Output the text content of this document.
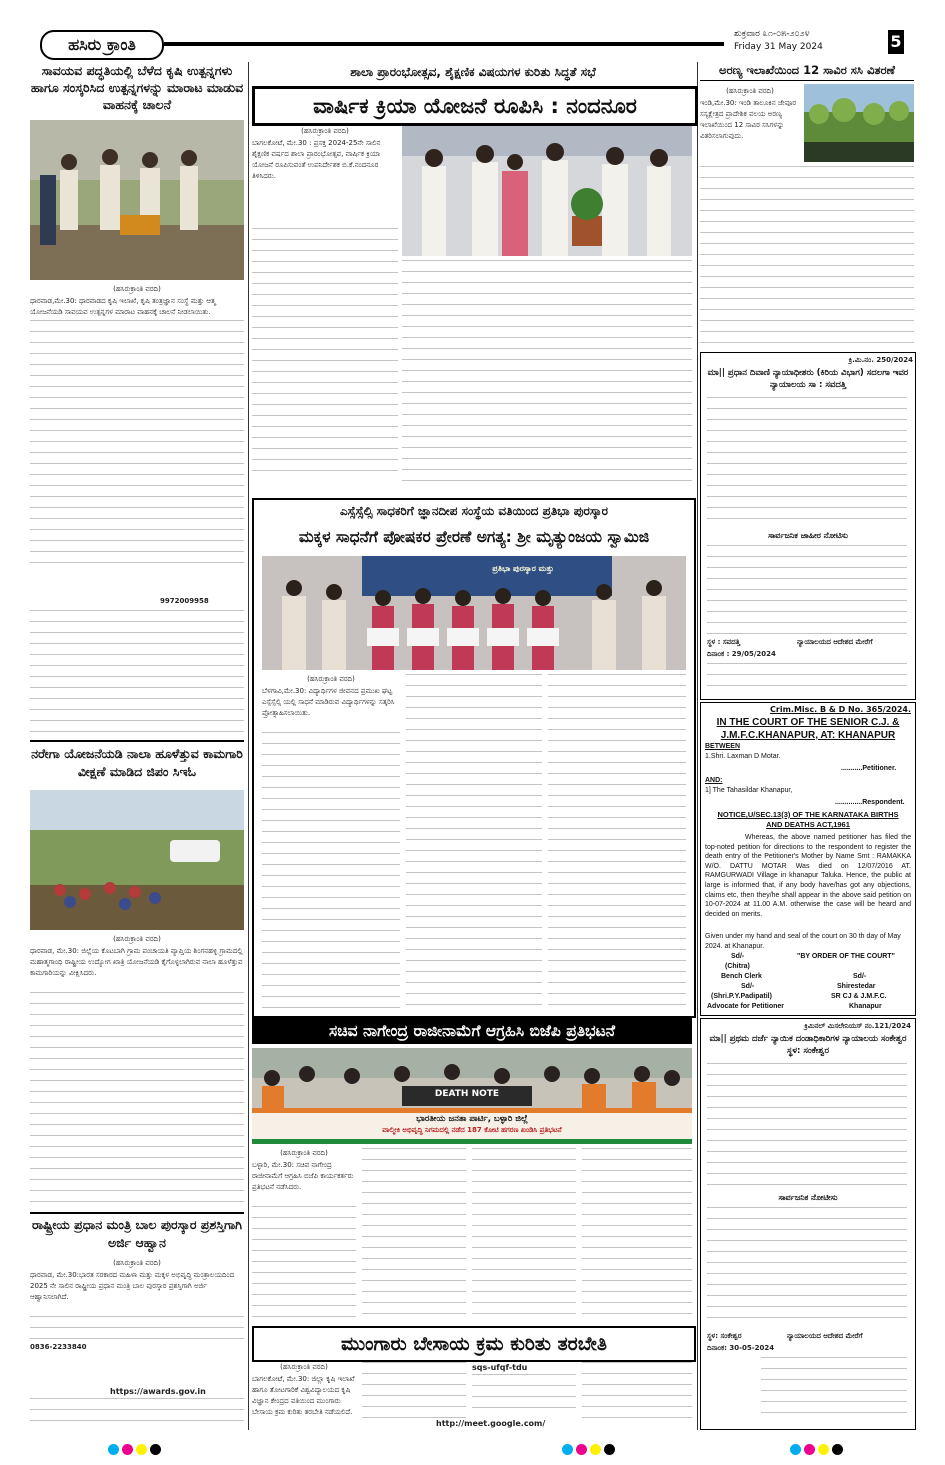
ಹಸಿರು ಕ್ರಾಂತಿ
ಶುಕ್ರವಾರ ೩೧-೦೫-೨೦೨೪
Friday 31 May 2024	5
ಸಾವಯವ ಪದ್ಧತಿಯಲ್ಲಿ ಬೆಳೆದ ಕೃಷಿ ಉತ್ಪನ್ನಗಳು ಹಾಗೂ ಸಂಸ್ಕರಿಸಿದ ಉತ್ಪನ್ನಗಳನ್ನು ಮಾರಾಟ ಮಾಡುವ ವಾಹನಕ್ಕೆ ಚಾಲನೆ
(ಹಸಿರುಕ್ರಾಂತಿ ವರದಿ)
ಧಾರವಾಡ,ಮೇ.30: ಧಾರವಾಡದ ಕೃಷಿ ಇಲಾಖೆ, ಕೃಷಿ ತಂತ್ರಜ್ಞಾನ ಸಂಸ್ಥೆ ಮತ್ತು ಆತ್ಮ ಯೋಜನೆಯಡಿ ಸಾವಯವ ಉತ್ಪನ್ನಗಳ ಮಾರಾಟ ವಾಹನಕ್ಕೆ ಚಾಲನೆ ನೀಡಲಾಯಿತು.
9972009958
ನರೇಗಾ ಯೋಜನೆಯಡಿ ನಾಲಾ ಹೂಳೆತ್ತುವ ಕಾಮಗಾರಿ ವೀಕ್ಷಣೆ ಮಾಡಿದ ಜಿಪಂ ಸಿಇಓ
(ಹಸಿರುಕ್ರಾಂತಿ ವರದಿ)
ಧಾರವಾಡ, ಮೇ.30: ಜಿಲ್ಲೆಯ ಕೊಟಬಾಗಿ ಗ್ರಾಮ ಪಂಚಾಯತಿ ವ್ಯಾಪ್ತಿಯ ಶಿಂಗನಹಳ್ಳಿ ಗ್ರಾಮದಲ್ಲಿ ಮಹಾತ್ಮಗಾಂಧಿ ರಾಷ್ಟ್ರೀಯ ಉದ್ಯೋಗ ಖಾತ್ರಿ ಯೋಜನೆಯಡಿ ಕೈಗೊಳ್ಳಲಾಗಿರುವ ನಾಲಾ ಹೂಳೆತ್ತುವ ಕಾಮಗಾರಿಯನ್ನು ವೀಕ್ಷಿಸಿದರು.
ರಾಷ್ಟ್ರೀಯ ಪ್ರಧಾನ ಮಂತ್ರಿ ಬಾಲ ಪುರಸ್ಕಾರ ಪ್ರಶಸ್ತಿಗಾಗಿ ಅರ್ಜಿ ಆಹ್ವಾನ
(ಹಸಿರುಕ್ರಾಂತಿ ವರದಿ)
ಧಾರವಾಡ, ಮೇ.30:ಭಾರತ ಸರಕಾರದ ಮಹಿಳಾ ಮತ್ತು ಮಕ್ಕಳ ಅಭಿವೃದ್ಧಿ ಮಂತ್ರಾಲಯದಿಂದ 2025 ನೇ ಸಾಲಿನ ರಾಷ್ಟ್ರೀಯ ಪ್ರಧಾನ ಮಂತ್ರಿ ಬಾಲ ಪುರಸ್ಕಾರ ಪ್ರಶಸ್ತಿಗಾಗಿ ಅರ್ಜಿ ಆಹ್ವಾನಿಸಲಾಗಿದೆ.
0836-2233840
https://awards.gov.in
ಶಾಲಾ ಪ್ರಾರಂಭೋತ್ಸವ, ಶೈಕ್ಷಣಿಕ ವಿಷಯಗಳ ಕುರಿತು ಸಿದ್ಧತೆ ಸಭೆ
ವಾರ್ಷಿಕ ಕ್ರಿಯಾ ಯೋಜನೆ ರೂಪಿಸಿ : ನಂದನೂರ
(ಹಸಿರುಕ್ರಾಂತಿ ವರದಿ)
ಬಾಗಲಕೋಟೆ, ಮೇ.30 : ಪ್ರಸಕ್ತ 2024-25ನೇ ಸಾಲಿನ ಶೈಕ್ಷಣಿಕ ವರ್ಷದ ಶಾಲಾ ಪ್ರಾರಂಭೋತ್ಸವ, ವಾರ್ಷಿಕ ಕ್ರಿಯಾ ಯೋಜನೆ ರೂಪಿಸುವಂತೆ ಉಪನಿರ್ದೇಶಕ ಬಿ.ಕೆ.ನಂದನೂರ ತಿಳಿಸಿದರು.
ಅರಣ್ಯ ಇಲಾಖೆಯಿಂದ 12 ಸಾವಿರ ಸಸಿ ವಿತರಣೆ
(ಹಸಿರುಕ್ರಾಂತಿ ವರದಿ)
ಇಂಡಿ,ಮೇ.30: ಇಂಡಿ ತಾಲೂಕಿನ ಜೇವೂರ ಸಸ್ಯಕ್ಷೇತ್ರದ ಪ್ರಾದೇಶಿಕ ವಲಯ ಅರಣ್ಯ ಇಲಾಖೆಯಿಂದ 12 ಸಾವಿರ ಸಸಿಗಳನ್ನು ವಿತರಿಸಲಾಗುವುದು.
ಕ್ರಿ.ಮಿ.ನಂ. 250/2024
ಮಾ|| ಪ್ರಧಾನ ದಿವಾಣಿ ನ್ಯಾಯಾಧೀಶರು (ಕಿರಿಯ ವಿಭಾಗ) ಸದಲಗಾ ಇವರ ನ್ಯಾಯಾಲಯ ಸಾ : ಸವದತ್ತಿ
ಸಾರ್ವಜನಿಕ ಜಾಹೀರ ನೋಟಿಸು
ಸ್ಥಳ : ಸವದತ್ತಿ	ನ್ಯಾಯಾಲಯದ ಆದೇಶದ ಮೇರೆಗೆ
ದಿನಾಂಕ : 29/05/2024
Crim.Misc. B & D No. 365/2024.
IN THE COURT OF THE SENIOR C.J. & J.M.F.C.KHANAPUR, AT: KHANAPUR
BETWEEN
1.Shri. Laxman D Motar.
...........Petitioner.
AND:
1] The Tahasildar Khanapur,
..............Respondent.
NOTICE,U/SEC.13(3) OF THE KARNATAKA BIRTHS AND DEATHS ACT,1961
Whereas, the above named petitioner has filed the top-noted petition for directions to the respondent to register the death entry of the Petitioner's Mother by Name Smt : RAMAKKA W/O. DATTU MOTAR Was died on 12/07/2016 AT. RAMGURWADI Village in khanapur Taluka. Hence, the public at large is informed that, if any body have/has got any objections, claims etc, then they/he shall appear in the above said petition on 10-07-2024 at 11.00 A.M. otherwise the case will be heard and decided on merits.
Given under my hand and seal of the court on 30 th day of May 2024. at Khanapur.
Sd/-	"BY ORDER OF THE COURT"
(Chitra)
Bench Clerk	Sd/-
Sd/-	Shirestedar
(Shri.P.Y.Padipatil)	SR CJ & J.M.F.C.
Advocate for Petitioner	Khanapur
ಎಸ್ಸೆಸ್ಸೆಲ್ಸಿ ಸಾಧಕರಿಗೆ ಜ್ಞಾನದೀಪ ಸಂಸ್ಥೆಯ ವತಿಯಿಂದ ಪ್ರತಿಭಾ ಪುರಸ್ಕಾರ
ಮಕ್ಕಳ ಸಾಧನೆಗೆ ಪೋಷಕರ ಪ್ರೇರಣೆ ಅಗತ್ಯ: ಶ್ರೀ ಮೃತ್ಯುಂಜಯ ಸ್ವಾಮಿಜಿ
ಪ್ರತಿಭಾ ಪುರಸ್ಕಾರ ಮತ್ತು
(ಹಸಿರುಕ್ರಾಂತಿ ವರದಿ)
ಬೆಳಗಾವಿ,ಮೇ.30: ವಿದ್ಯಾರ್ಥಿಗಳ ಜೀವನದ ಪ್ರಮುಖ ಘಟ್ಟ ಎಸ್ಸೆಸ್ಸೆಲ್ಸಿ ಯಲ್ಲಿ ಸಾಧನೆ ಮಾಡಿರುವ ವಿದ್ಯಾರ್ಥಿಗಳನ್ನು ಸತ್ಕರಿಸಿ ಪ್ರೋತ್ಸಾಹಿಸಲಾಯಿತು.
ಸಚಿವ ನಾಗೇಂದ್ರ ರಾಜೀನಾಮೆಗೆ ಆಗ್ರಹಿಸಿ ಬಿಜೆಪಿ ಪ್ರತಿಭಟನೆ
DEATH NOTE
ಭಾರತೀಯ ಜನತಾ ಪಾರ್ಟಿ, ಬಳ್ಳಾರಿ ಜಿಲ್ಲೆ
ವಾಲ್ಮೀಕಿ ಅಭಿವೃದ್ಧಿ ನಿಗಮದಲ್ಲಿ ನಡೆದ 187 ಕೋಟಿ ಹಗರಣ ಖಂಡಿಸಿ ಪ್ರತಿಭಟನೆ
(ಹಸಿರುಕ್ರಾಂತಿ ವರದಿ)
ಬಳ್ಳಾರಿ, ಮೇ.30: ಸಚಿವ ನಾಗೇಂದ್ರ ರಾಜೀನಾಮೆಗೆ ಆಗ್ರಹಿಸಿ ಬಿಜೆಪಿ ಕಾರ್ಯಕರ್ತರು ಪ್ರತಿಭಟನೆ ನಡೆಸಿದರು.
ಕ್ರಿಮಿನಲ್ ಮಿಸಲೇನಿಯಸ್ ನಂ.121/2024
ಮಾ|| ಪ್ರಥಮ ದರ್ಜೆ ನ್ಯಾಯಿಕ ದಂಡಾಧಿಕಾರಿಗಳ ನ್ಯಾಯಾಲಯ ಸಂಕೇಶ್ವರ ಸ್ಥಳ: ಸಂಕೇಶ್ವರ
ಸಾರ್ವಜನಿಕ ನೋಟೀಸು
ಸ್ಥಳ: ಸಂಕೇಶ್ವರ	ನ್ಯಾಯಾಲಯದ ಆದೇಶದ ಮೇರೆಗೆ
ದಿನಾಂಕ: 30-05-2024
ಮುಂಗಾರು ಬೇಸಾಯ ಕ್ರಮ ಕುರಿತು ತರಬೇತಿ
(ಹಸಿರುಕ್ರಾಂತಿ ವರದಿ)
ಬಾಗಲಕೋಟೆ, ಮೇ.30: ಜಿಲ್ಲಾ ಕೃಷಿ ಇಲಾಖೆ ಹಾಗೂ ತೋಟಗಾರಿಕೆ ವಿಶ್ವವಿದ್ಯಾಲಯದ ಕೃಷಿ ವಿಜ್ಞಾನ ಕೇಂದ್ರದ ವತಿಯಿಂದ ಮುಂಗಾರು ಬೇಸಾಯ ಕ್ರಮ ಕುರಿತು ತರಬೇತಿ ನಡೆಯಲಿದೆ.
sqs-ufqf-tdu
http://meet.google.com/
